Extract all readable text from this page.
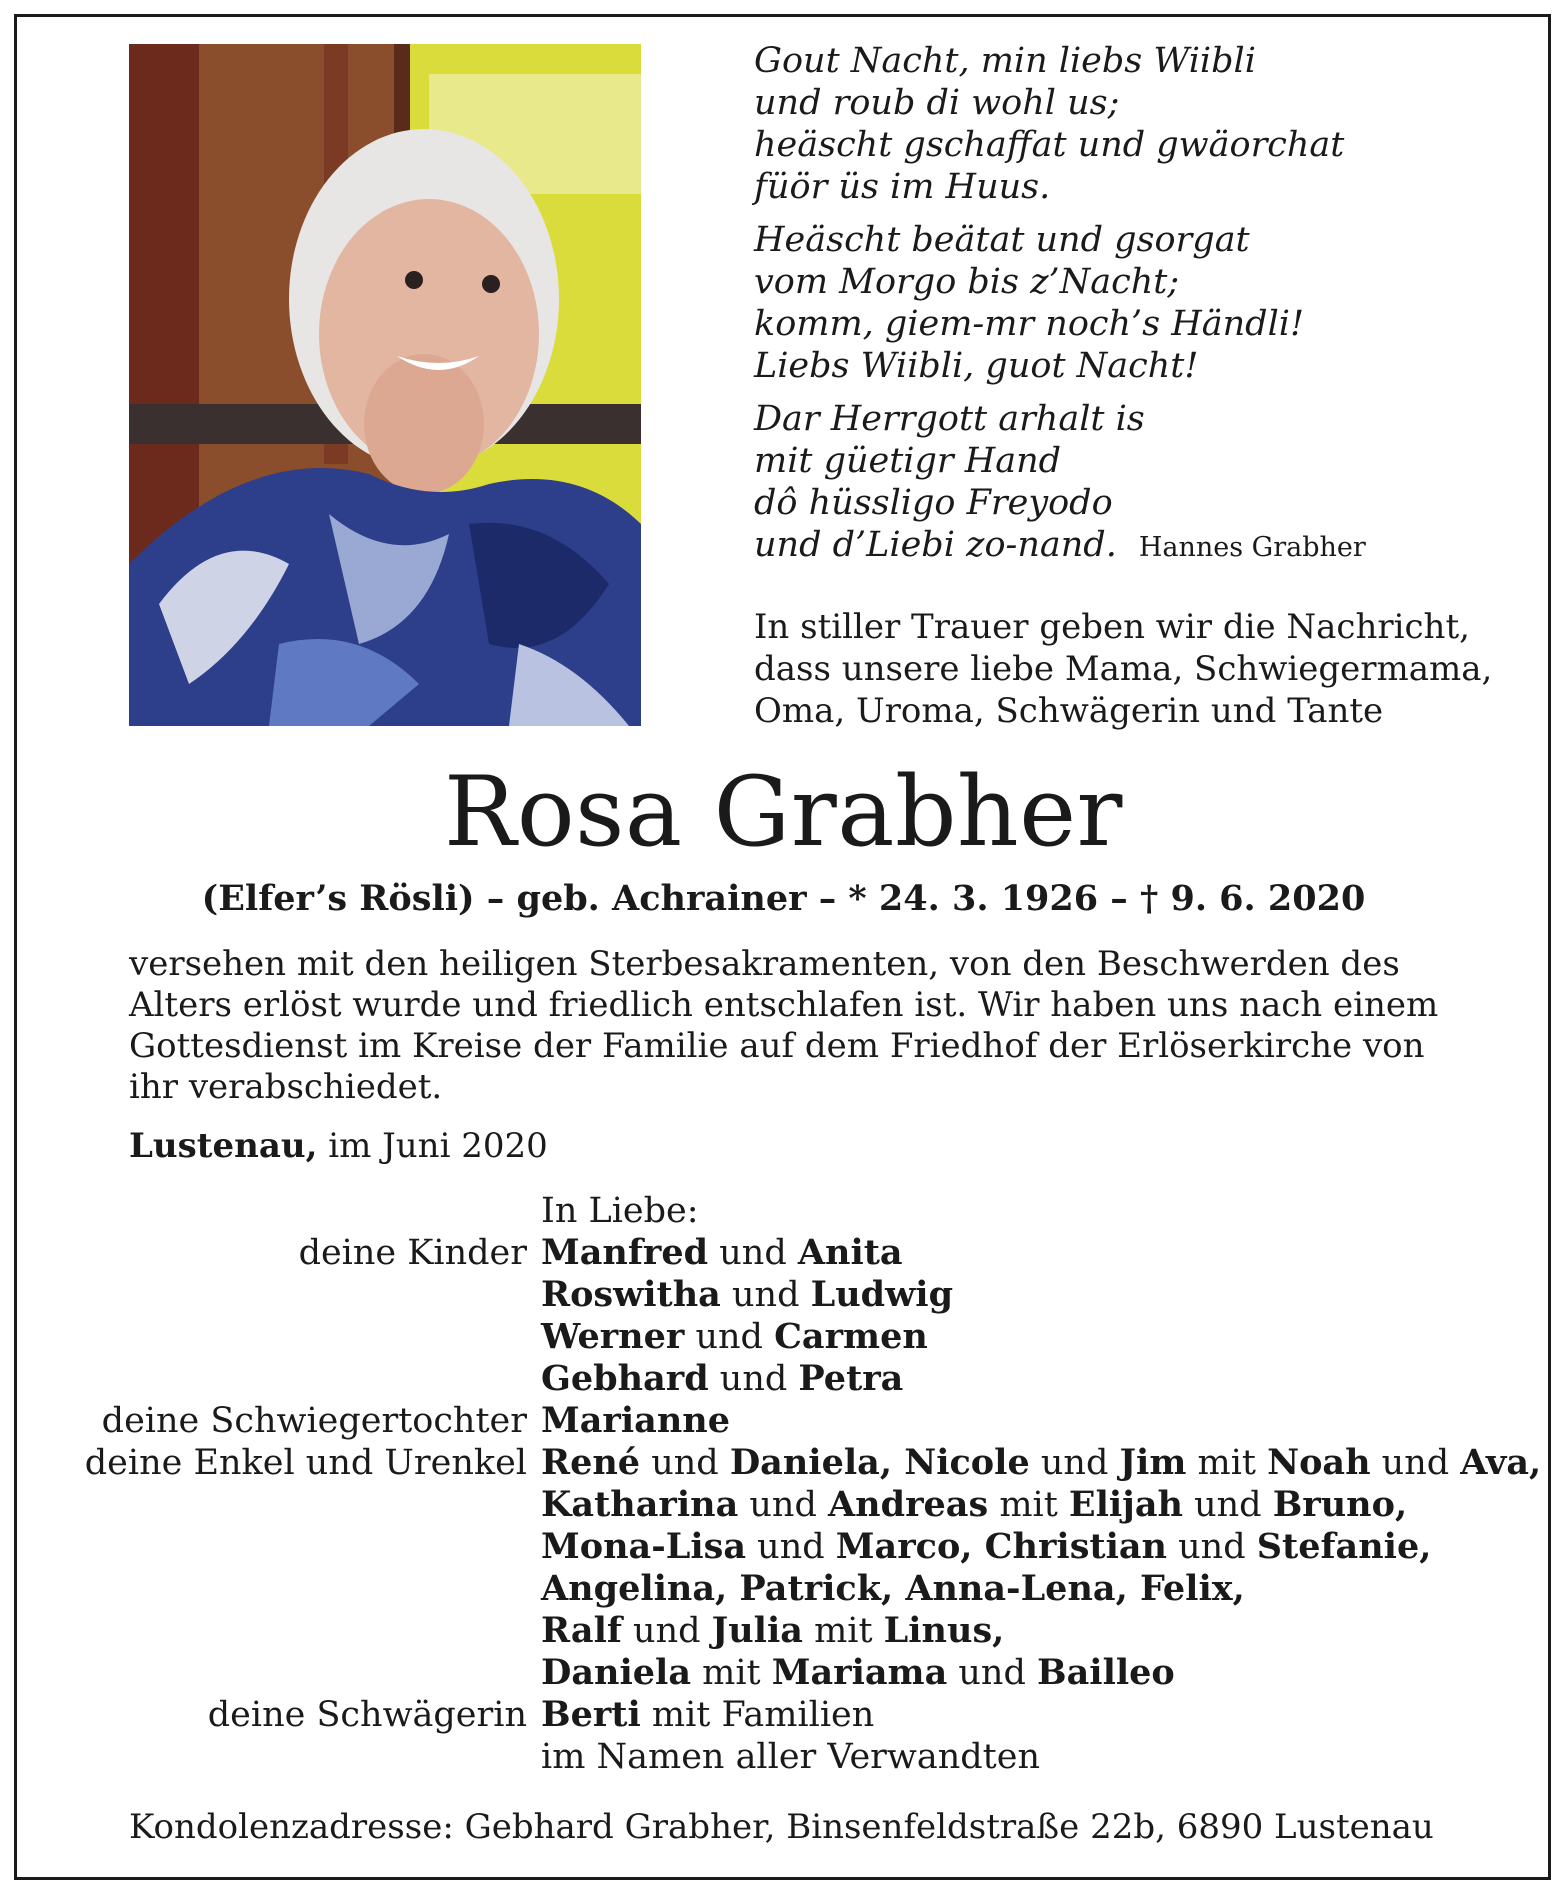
Gout Nacht, min liebs Wiibli
und roub di wohl us;
heäscht gschaffat und gwäorchat
füör üs im Huus.
Heäscht beätat und gsorgat
vom Morgo bis z’Nacht;
komm, giem-mr noch’s Händli!
Liebs Wiibli, guot Nacht!
Dar Herrgott arhalt is
mit güetigr Hand
dô hüssligo Freyodo
und d’Liebi zo-nand. Hannes Grabher
In stiller Trauer geben wir die Nachricht,
dass unsere liebe Mama, Schwiegermama,
Oma, Uroma, Schwägerin und Tante
Rosa Grabher
(Elfer’s Rösli) – geb. Achrainer – * 24. 3. 1926 – † 9. 6. 2020
versehen mit den heiligen Sterbesakramenten, von den Beschwerden des
Alters erlöst wurde und friedlich entschlafen ist. Wir haben uns nach einem
Gottesdienst im Kreise der Familie auf dem Friedhof der Erlöserkirche von
ihr verabschiedet.
Lustenau, im Juni 2020
In Liebe:
deine Kinder Manfred und Anita
Roswitha und Ludwig
Werner und Carmen
Gebhard und Petra
deine Schwiegertochter Marianne
deine Enkel und Urenkel René und Daniela, Nicole und Jim mit Noah und Ava,
Katharina und Andreas mit Elijah und Bruno,
Mona-Lisa und Marco, Christian und Stefanie,
Angelina, Patrick, Anna-Lena, Felix,
Ralf und Julia mit Linus,
Daniela mit Mariama und Bailleo
deine Schwägerin Berti mit Familien
im Namen aller Verwandten
Kondolenzadresse: Gebhard Grabher, Binsenfeldstraße 22b, 6890 Lustenau
